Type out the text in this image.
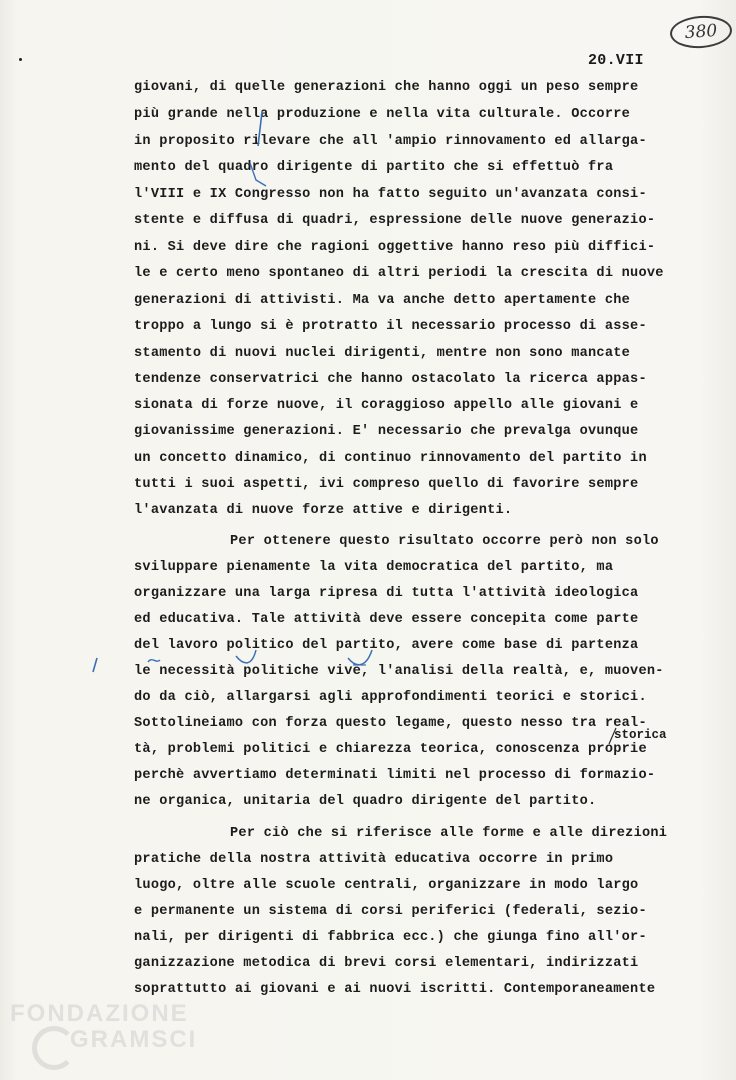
380
20.VII

giovani, di quelle generazioni che hanno oggi un peso sempre

più grande nella produzione e nella vita culturale. Occorre

in proposito rilevare che all 'ampio rinnovamento ed allarga-

mento del quadro dirigente di partito che si effettuò fra

l'VIII e IX Congresso non ha fatto seguito un'avanzata consi-

stente e diffusa di quadri, espressione delle nuove generazio-

ni. Si deve dire che ragioni oggettive hanno reso più diffici-

le e certo meno spontaneo di altri periodi la crescita di nuove

generazioni di attivisti. Ma va anche detto apertamente che

troppo a lungo si è protratto il necessario processo di asse-

stamento di nuovi nuclei dirigenti, mentre non sono mancate

tendenze conservatrici che hanno ostacolato la ricerca appas-

sionata di forze nuove, il coraggioso appello alle giovani e

giovanissime generazioni. E' necessario che prevalga ovunque

un concetto dinamico, di continuo rinnovamento del partito in

tutti i suoi aspetti, ivi compreso quello di favorire sempre

l'avanzata di nuove forze attive e dirigenti.

Per ottenere questo risultato occorre però non solo

sviluppare pienamente la vita democratica del partito, ma

organizzare una larga ripresa di tutta l'attività ideologica

ed educativa. Tale attività deve essere concepita come parte

del lavoro politico del partito, avere come base di partenza

le necessità politiche vive, l'analisi della realtà, e, muoven-

do da ciò, allargarsi agli approfondimenti teorici e storici.

Sottolineiamo con forza questo legame, questo nesso tra real-

storica

tà, problemi politici e chiarezza teorica, conoscenza proprie

perchè avvertiamo determinati limiti nel processo di formazio-

ne organica, unitaria del quadro dirigente del partito.

Per ciò che si riferisce alle forme e alle direzioni

pratiche della nostra attività educativa occorre in primo

luogo, oltre alle scuole centrali, organizzare in modo largo

e permanente un sistema di corsi periferici (federali, sezio-

nali, per dirigenti di fabbrica ecc.) che giunga fino all'or-

ganizzazione metodica di brevi corsi elementari, indirizzati

soprattutto ai giovani e ai nuovi iscritti. Contemporaneamente

FONDAZIONE
GRAMSCI
